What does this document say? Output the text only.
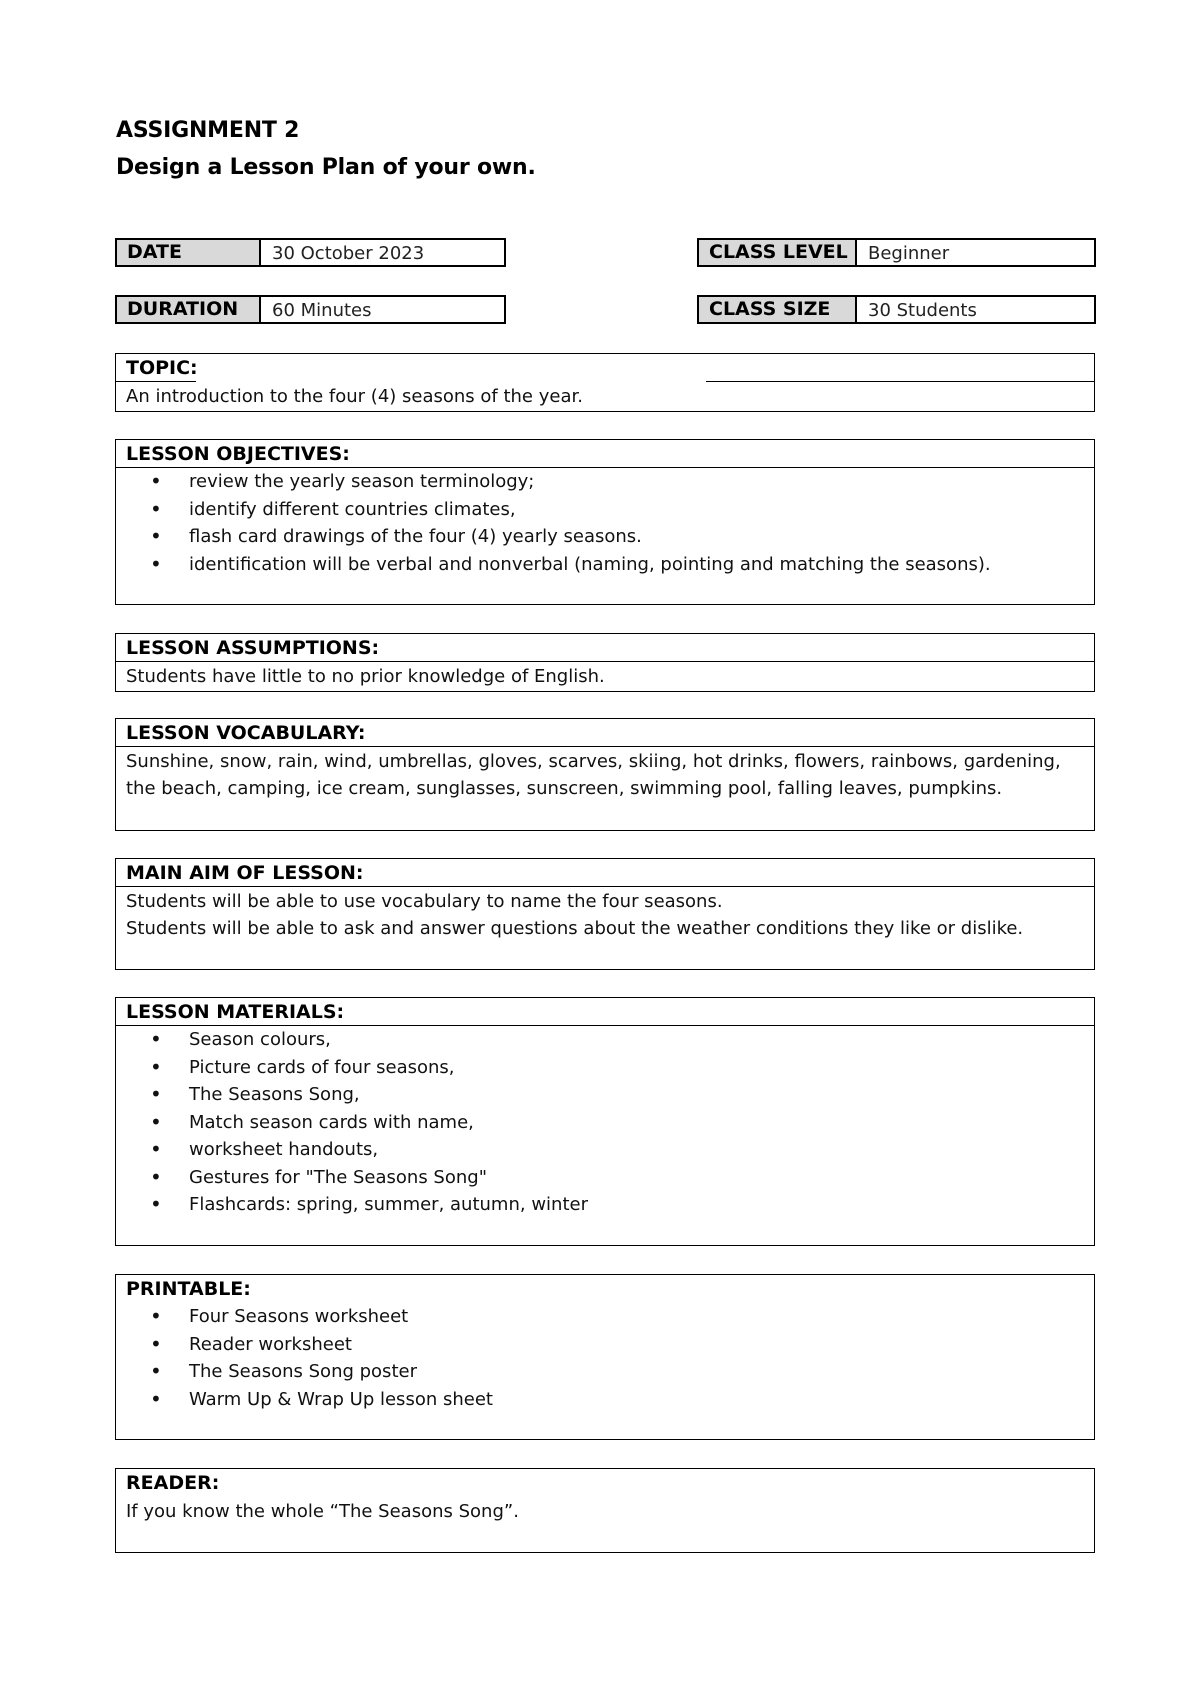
ASSIGNMENT 2
Design a Lesson Plan of your own.
DATE	30 October 2023
DURATION	60 Minutes
CLASS LEVEL	Beginner
CLASS SIZE	30 Students
TOPIC:
An introduction to the four (4) seasons of the year.
LESSON OBJECTIVES:
• review the yearly season terminology;
• identify different countries climates,
• flash card drawings of the four (4) yearly seasons.
• identification will be verbal and nonverbal (naming, pointing and matching the seasons).
LESSON ASSUMPTIONS:
Students have little to no prior knowledge of English.
LESSON VOCABULARY:

Sunshine, snow, rain, wind, umbrellas, gloves, scarves, skiing, hot drinks, flowers, rainbows, gardening,

the beach, camping, ice cream, sunglasses, sunscreen, swimming pool, falling leaves, pumpkins.

MAIN AIM OF LESSON:

Students will be able to use vocabulary to name the four seasons.

Students will be able to ask and answer questions about the weather conditions they like or dislike.

LESSON MATERIALS:
• Season colours,
• Picture cards of four seasons,
• The Seasons Song,
• Match season cards with name,
• worksheet handouts,
• Gestures for "The Seasons Song"
• Flashcards: spring, summer, autumn, winter
PRINTABLE:
• Four Seasons worksheet
• Reader worksheet
• The Seasons Song poster
• Warm Up & Wrap Up lesson sheet
READER:
If you know the whole “The Seasons Song”.
